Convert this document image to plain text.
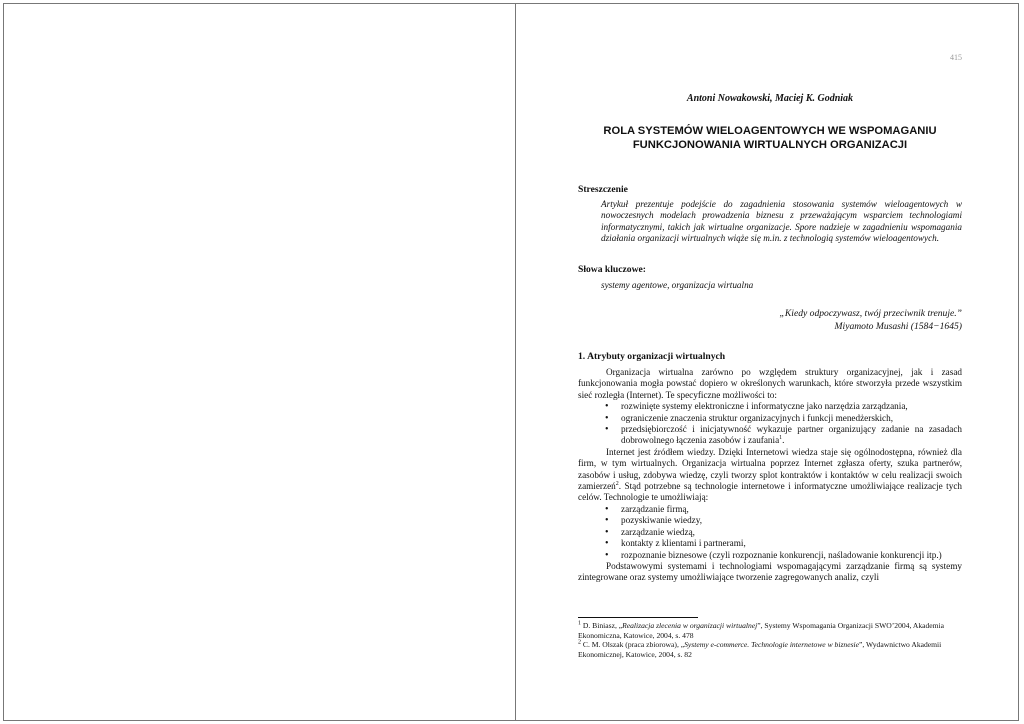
415
Antoni Nowakowski, Maciej K. Godniak
ROLA SYSTEMÓW WIELOAGENTOWYCH WE WSPOMAGANIU
FUNKCJONOWANIA WIRTUALNYCH ORGANIZACJI
Streszczenie
Artykuł prezentuje podejście do zagadnienia stosowania systemów wieloagentowych w nowoczesnych modelach prowadzenia biznesu z przeważającym wsparciem technologiami informatycznymi, takich jak wirtualne organizacje. Spore nadzieje w zagadnieniu wspomagania działania organizacji wirtualnych wiąże się m.in. z technologią systemów wieloagentowych.
Słowa kluczowe:
systemy agentowe, organizacja wirtualna
„Kiedy odpoczywasz, twój przeciwnik trenuje.”
Miyamoto Musashi (1584−1645)
1. Atrybuty organizacji wirtualnych

Organizacja wirtualna zarówno po względem struktury organizacyjnej, jak i zasad funkcjonowania mogła powstać dopiero w określonych warunkach, które stworzyła przede wszystkim sieć rozległa (Internet). Te specyficzne możliwości to:

• rozwinięte systemy elektroniczne i informatyczne jako narzędzia zarządzania,
• ograniczenie znaczenia struktur organizacyjnych i funkcji menedżerskich,
• przedsiębiorczość i inicjatywność wykazuje partner organizujący zadanie na zasadach dobrowolnego łączenia zasobów i zaufania$^1$.

Internet jest źródłem wiedzy. Dzięki Internetowi wiedza staje się ogólnodostępna, również dla firm, w tym wirtualnych. Organizacja wirtualna poprzez Internet zgłasza oferty, szuka partnerów, zasobów i usług, zdobywa wiedzę, czyli tworzy splot kontraktów i kontaktów w celu realizacji swoich zamierzeń$^2$. Stąd potrzebne są technologie internetowe i informatyczne umożliwiające realizacje tych celów. Technologie te umożliwiają:

• zarządzanie firmą,
• pozyskiwanie wiedzy,
• zarządzanie wiedzą,
• kontakty z klientami i partnerami,
• rozpoznanie biznesowe (czyli rozpoznanie konkurencji, naśladowanie konkurencji itp.)

Podstawowymi systemami i technologiami wspomagającymi zarządzanie firmą są systemy zintegrowane oraz systemy umożliwiające tworzenie zagregowanych analiz, czyli

$^1$ D. Biniasz, „Realizacja zlecenia w organizacji wirtualnej”, Systemy Wspomagania Organizacji SWO’2004, Akademia Ekonomiczna, Katowice, 2004, s. 478
$^2$ C. M. Olszak (praca zbiorowa), „Systemy e-commerce. Technologie internetowe w biznesie”, Wydawnictwo Akademii Ekonomicznej, Katowice, 2004, s. 82
